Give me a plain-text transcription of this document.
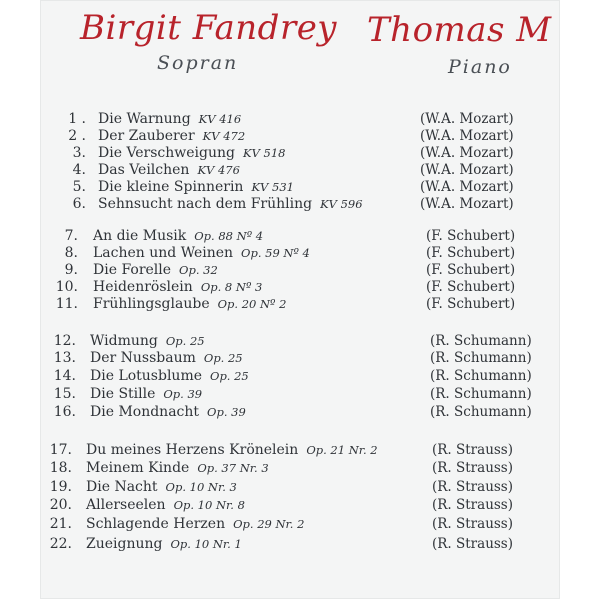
Birgit Fandrey
Sopran
Thomas M
Piano
1 . Die Warnung KV 416	(W.A. Mozart)
2 . Der Zauberer KV 472	(W.A. Mozart)
3. Die Verschweigung KV 518	(W.A. Mozart)
4. Das Veilchen KV 476	(W.A. Mozart)
5. Die kleine Spinnerin KV 531	(W.A. Mozart)
6. Sehnsucht nach dem Frühling KV 596	(W.A. Mozart)
7. An die Musik Op. 88 Nº 4	(F. Schubert)
8. Lachen und Weinen Op. 59 Nº 4	(F. Schubert)
9. Die Forelle Op. 32	(F. Schubert)
10. Heidenröslein Op. 8 Nº 3	(F. Schubert)
11. Frühlingsglaube Op. 20 Nº 2	(F. Schubert)
12. Widmung Op. 25	(R. Schumann)
13. Der Nussbaum Op. 25	(R. Schumann)
14. Die Lotusblume Op. 25	(R. Schumann)
15. Die Stille Op. 39	(R. Schumann)
16. Die Mondnacht Op. 39	(R. Schumann)
17. Du meines Herzens Krönelein Op. 21 Nr. 2	(R. Strauss)
18. Meinem Kinde Op. 37 Nr. 3	(R. Strauss)
19. Die Nacht Op. 10 Nr. 3	(R. Strauss)
20. Allerseelen Op. 10 Nr. 8	(R. Strauss)
21. Schlagende Herzen Op. 29 Nr. 2	(R. Strauss)
22. Zueignung Op. 10 Nr. 1	(R. Strauss)
